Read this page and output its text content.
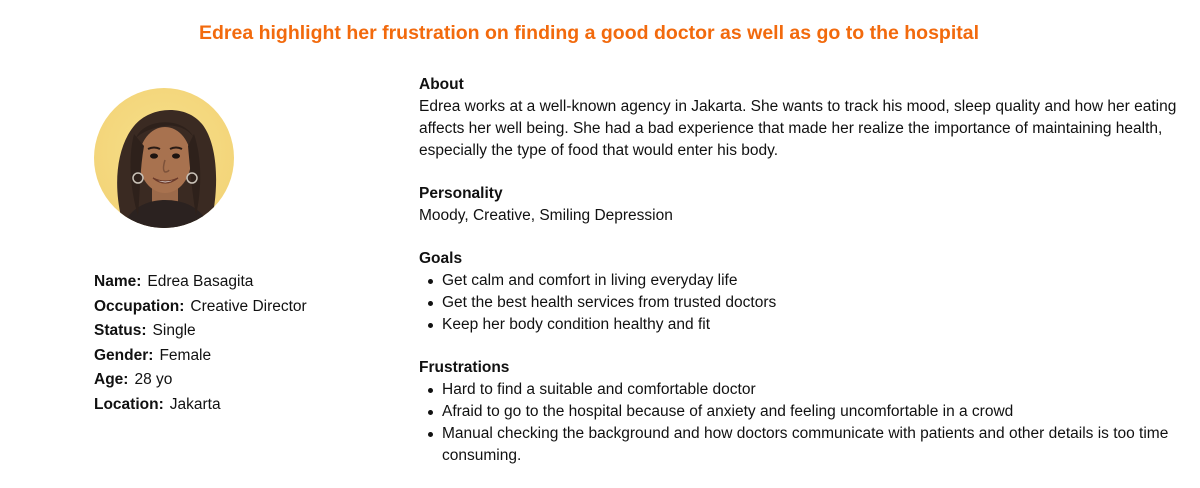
Edrea highlight her frustration on finding a good doctor as well as go to the hospital
Name: Edrea Basagita
Occupation: Creative Director
Status: Single
Gender: Female
Age: 28 yo
Location: Jakarta
About

Edrea works at a well-known agency in Jakarta. She wants to track his mood, sleep quality and how her eating affects her well being. She had a bad experience that made her realize the importance of maintaining health, especially the type of food that would enter his body.

Personality

Moody, Creative, Smiling Depression

Goals
Get calm and comfort in living everyday life
Get the best health services from trusted doctors
Keep her body condition healthy and fit
Frustrations
Hard to find a suitable and comfortable doctor
Afraid to go to the hospital because of anxiety and feeling uncomfortable in a crowd
Manual checking the background and how doctors communicate with patients and other details is too time consuming.
